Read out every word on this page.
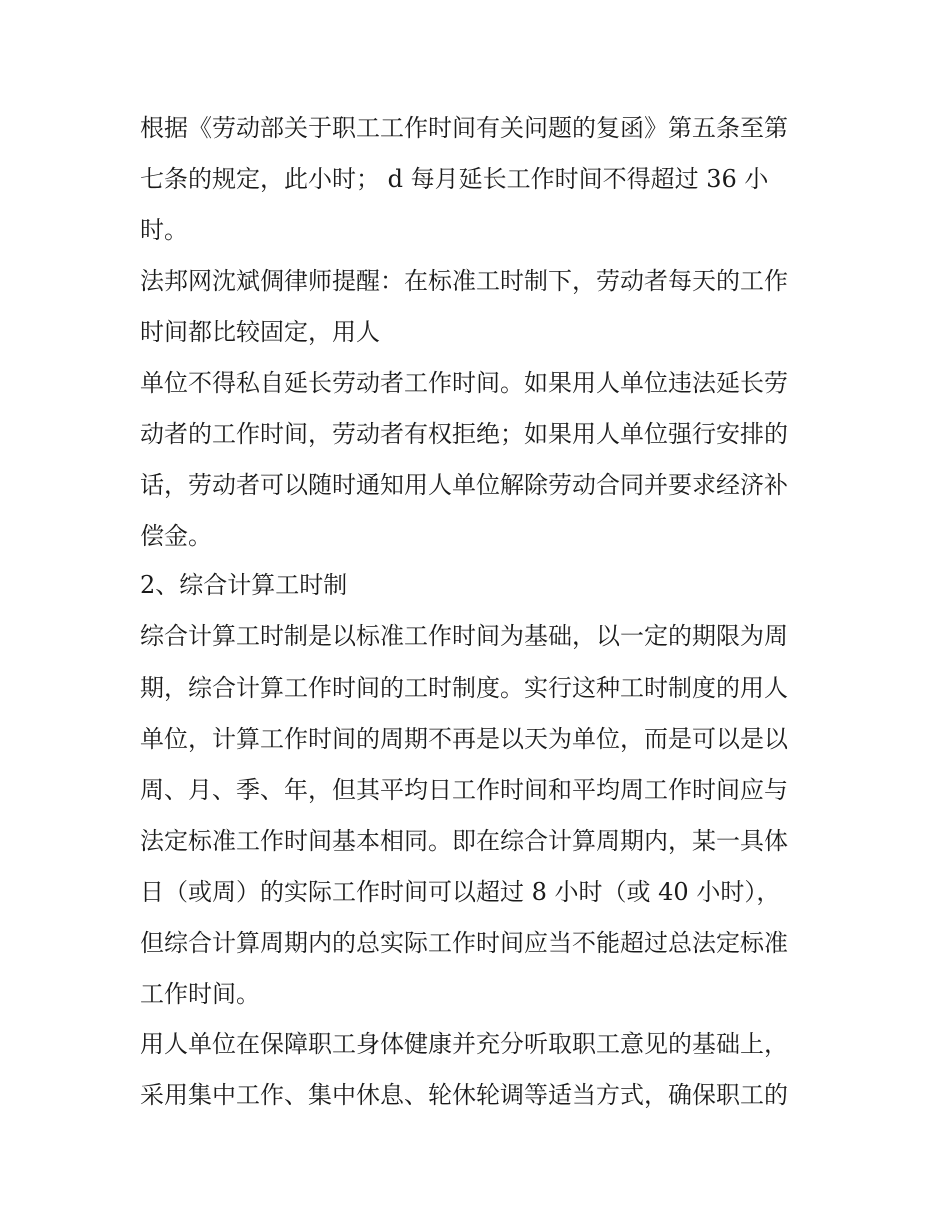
根据《劳动部关于职工工作时间有关问题的复函》第五条至第
七条的规定，此小时； d 每月延长工作时间不得超过 36 小
时。
法邦网沈斌倜律师提醒：在标准工时制下，劳动者每天的工作
时间都比较固定，用人
单位不得私自延长劳动者工作时间。如果用人单位违法延长劳
动者的工作时间，劳动者有权拒绝；如果用人单位强行安排的
话，劳动者可以随时通知用人单位解除劳动合同并要求经济补
偿金。
2、综合计算工时制
综合计算工时制是以标准工作时间为基础，以一定的期限为周
期，综合计算工作时间的工时制度。实行这种工时制度的用人
单位，计算工作时间的周期不再是以天为单位，而是可以是以
周、月、季、年，但其平均日工作时间和平均周工作时间应与
法定标准工作时间基本相同。即在综合计算周期内，某一具体
日（或周）的实际工作时间可以超过 8 小时（或 40 小时），
但综合计算周期内的总实际工作时间应当不能超过总法定标准
工作时间。
用人单位在保障职工身体健康并充分听取职工意见的基础上，
采用集中工作、集中休息、轮休轮调等适当方式，确保职工的
